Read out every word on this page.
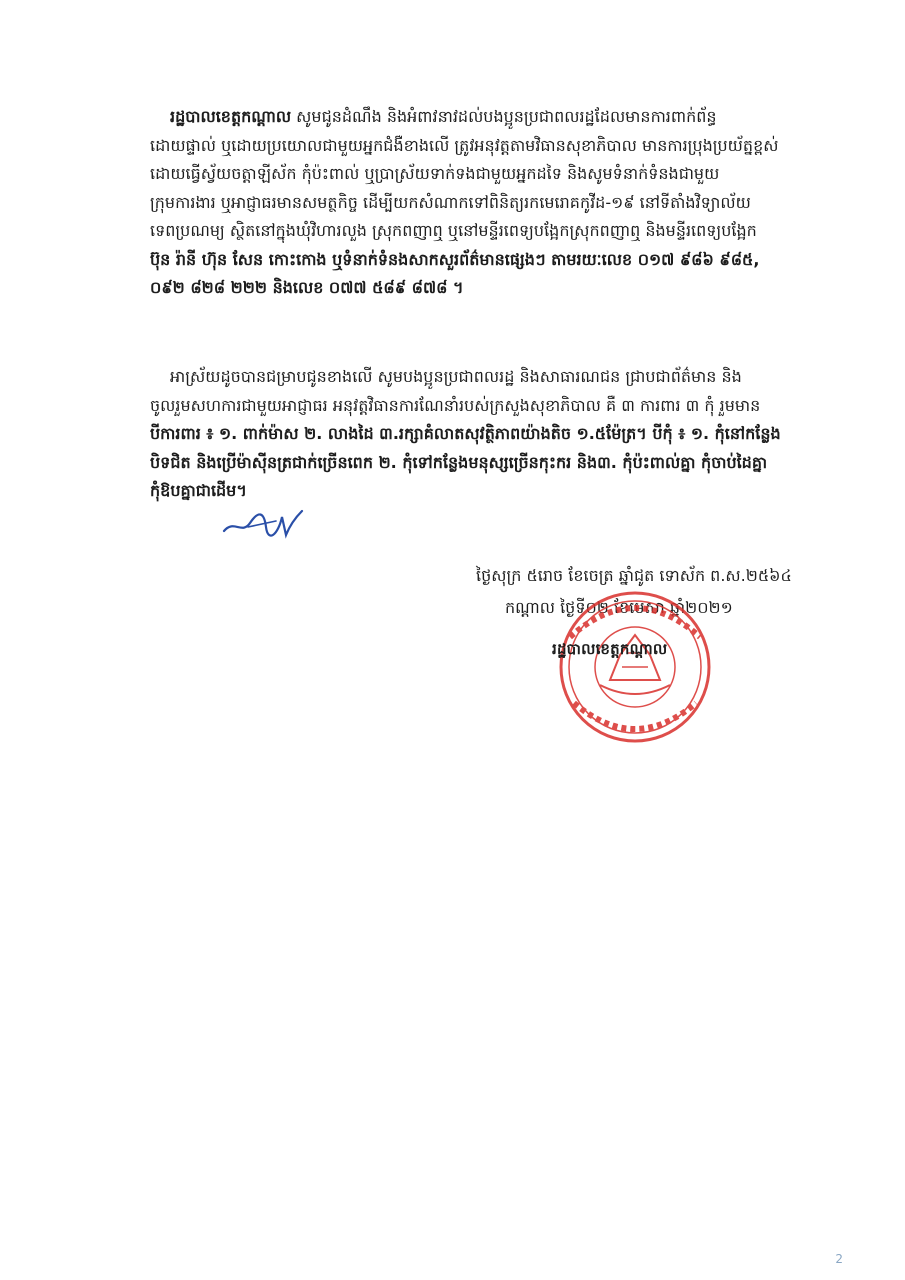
រដ្ឋបាលខេត្តកណ្តាល សូមជូនដំណឹង និងអំពាវនាវដល់បងប្អូនប្រជាពលរដ្ឋដែលមានការពាក់ព័ន្ធ
ដោយផ្ទាល់ ឬដោយប្រយោលជាមួយអ្នកជំងឺខាងលើ ត្រូវអនុវត្តតាមវិធានសុខាភិបាល មានការប្រុងប្រយ័ត្នខ្ពស់
ដោយធ្វើស្វ័យចត្តាឡីស័ក កុំប៉ះពាល់ ឬប្រាស្រ័យទាក់ទងជាមួយអ្នកដទៃ និងសូមទំនាក់ទំនងជាមួយ
ក្រុមការងារ ឬអាជ្ញាធរមានសមត្ថកិច្ច ដើម្បីយកសំណាកទៅពិនិត្យរកមេរោគកូវីដ-១៩ នៅទីតាំងវិទ្យាល័យ
ទេពប្រណម្យ ស្ថិតនៅក្នុងឃុំវិហារលួង ស្រុកពញាឮ ឬនៅមន្ទីរពេទ្យបង្អែកស្រុកពញាឮ និងមន្ទីរពេទ្យបង្អែក
ប៊ុន រ៉ានី ហ៊ុន សែន កោះកោង ឬទំនាក់ទំនងសាកសួរព័ត៌មានផ្សេងៗ តាមរយៈលេខ ០១៧ ៩៨៦ ៩៨៥,
០៩២ ៨២៨ ២២២ និងលេខ ០៧៧ ៥៨៩ ៨៧៨ ។

អាស្រ័យដូចបានជម្រាបជូនខាងលើ សូមបងប្អូនប្រជាពលរដ្ឋ និងសាធារណជន ជ្រាបជាព័ត៌មាន និង
ចូលរួមសហការជាមួយអាជ្ញាធរ អនុវត្តវិធានការណែនាំរបស់ក្រសួងសុខាភិបាល គឺ ៣ ការពារ ៣ កុំ រួមមាន
បីការពារ ៖ ១. ពាក់ម៉ាស ២. លាងដៃ ៣.រក្សាគំលាតសុវត្ថិភាពយ៉ាងតិច ១.៥ម៉ែត្រ។ បីកុំ ៖ ១. កុំនៅកន្លែង
បិទជិត និងប្រើម៉ាស៊ីនត្រជាក់ច្រើនពេក ២. កុំទៅកន្លែងមនុស្សច្រើនកុះករ និង៣. កុំប៉ះពាល់គ្នា កុំចាប់ដៃគ្នា
កុំឱបគ្នាជាដើម។

ថ្ងៃសុក្រ ៥រោច ខែចេត្រ ឆ្នាំជូត ទោស័ក ព.ស.២៥៦៤
កណ្តាល ថ្ងៃទី០២ ខែមេសា ឆ្នាំ២០២១
រដ្ឋបាលខេត្តកណ្តាល
2
